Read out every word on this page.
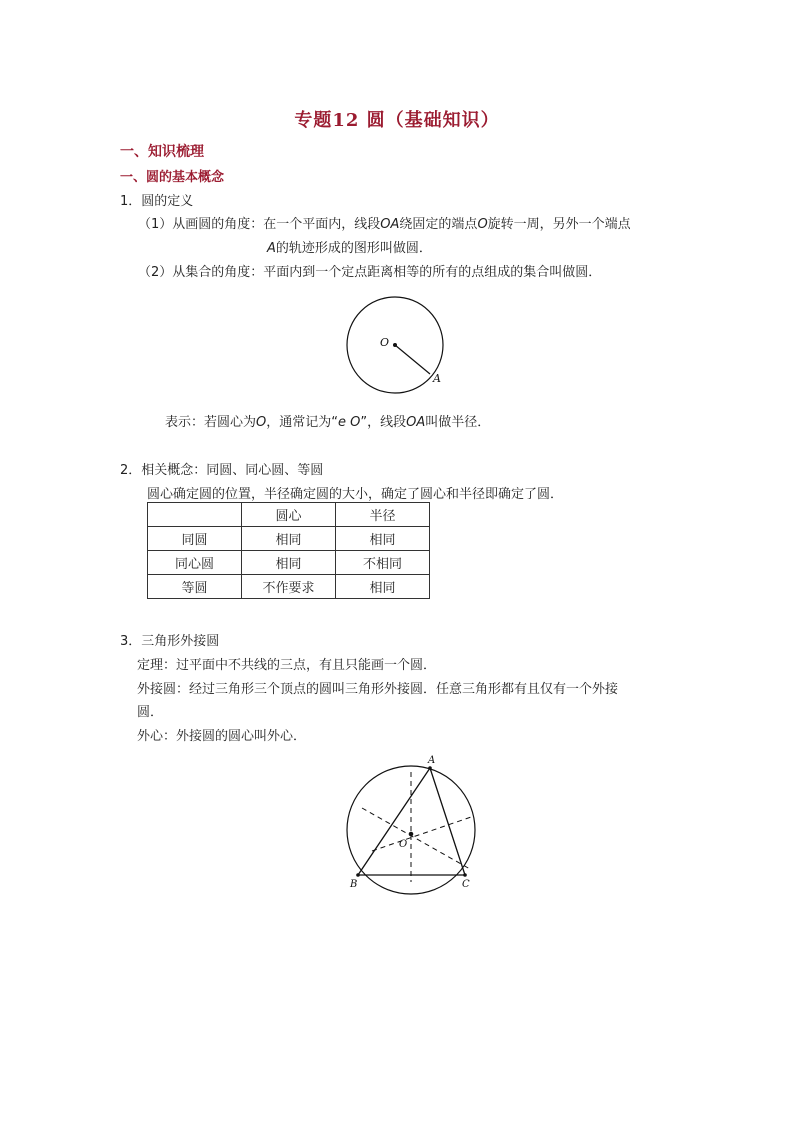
专题12 圆（基础知识）
一、知识梳理
一、圆的基本概念
1．圆的定义
（1）从画圆的角度：在一个平面内，线段OA绕固定的端点O旋转一周，另外一个端点
A的轨迹形成的图形叫做圆．
（2）从集合的角度：平面内到一个定点距离相等的所有的点组成的集合叫做圆．
O
A
表示：若圆心为O，通常记为“e O”，线段OA叫做半径．
2．相关概念：同圆、同心圆、等圆
圆心确定圆的位置，半径确定圆的大小，确定了圆心和半径即确定了圆．
	圆心	半径
同圆	相同	相同
同心圆	相同	不相同
等圆	不作要求	相同
3．三角形外接圆
定理：过平面中不共线的三点，有且只能画一个圆．
外接圆：经过三角形三个顶点的圆叫三角形外接圆．任意三角形都有且仅有一个外接
圆．
外心：外接圆的圆心叫外心．
A
B	C
O
